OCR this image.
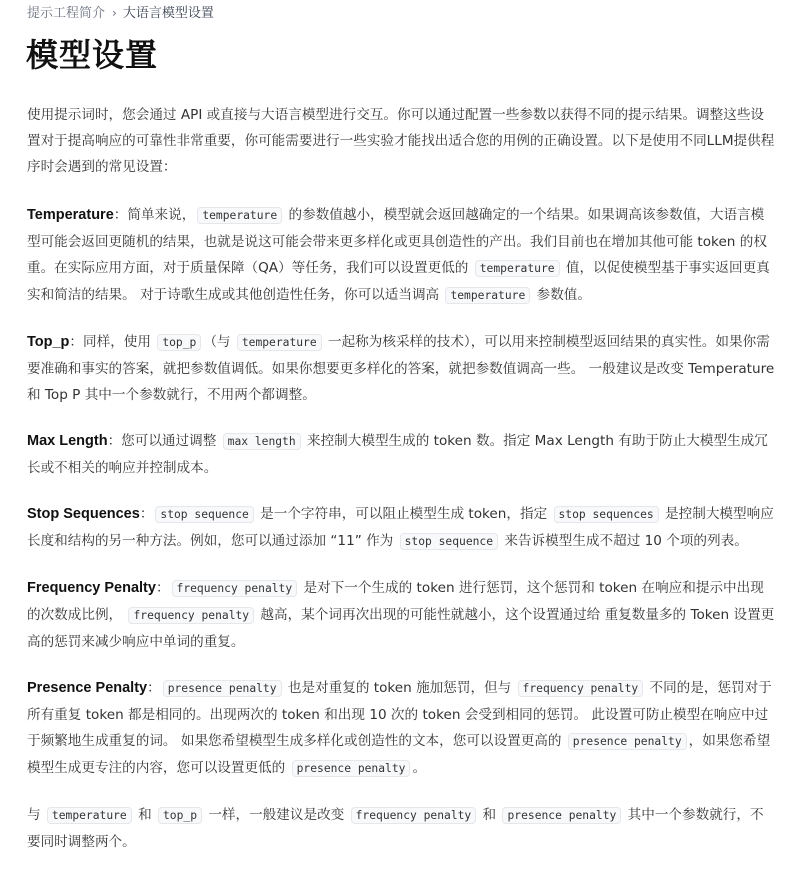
提示工程简介 › 大语言模型设置
模型设置

使用提示词时，您会通过 API 或直接与大语言模型进行交互。你可以通过配置一些参数以获得不同的提示结果。调整这些设置对于提高响应的可靠性非常重要，你可能需要进行一些实验才能找出适合您的用例的正确设置。以下是使用不同LLM提供程序时会遇到的常见设置：

Temperature：简单来说， temperature 的参数值越小，模型就会返回越确定的一个结果。如果调高该参数值，大语言模型可能会返回更随机的结果，也就是说这可能会带来更多样化或更具创造性的产出。我们目前也在增加其他可能 token 的权重。在实际应用方面，对于质量保障（QA）等任务，我们可以设置更低的 temperature 值，以促使模型基于事实返回更真实和简洁的结果。 对于诗歌生成或其他创造性任务，你可以适当调高 temperature 参数值。

Top_p：同样，使用 top_p （与 temperature 一起称为核采样的技术），可以用来控制模型返回结果的真实性。如果你需要准确和事实的答案，就把参数值调低。如果你想要更多样化的答案，就把参数值调高一些。 一般建议是改变 Temperature 和 Top P 其中一个参数就行，不用两个都调整。

Max Length：您可以通过调整 max length 来控制大模型生成的 token 数。指定 Max Length 有助于防止大模型生成冗长或不相关的响应并控制成本。

Stop Sequences： stop sequence 是一个字符串，可以阻止模型生成 token，指定 stop sequences 是控制大模型响应长度和结构的另一种方法。例如，您可以通过添加 “11” 作为 stop sequence 来告诉模型生成不超过 10 个项的列表。

Frequency Penalty： frequency penalty 是对下一个生成的 token 进行惩罚，这个惩罚和 token 在响应和提示中出现的次数成比例， frequency penalty 越高，某个词再次出现的可能性就越小，这个设置通过给 重复数量多的 Token 设置更高的惩罚来减少响应中单词的重复。

Presence Penalty： presence penalty 也是对重复的 token 施加惩罚，但与 frequency penalty 不同的是，惩罚对于所有重复 token 都是相同的。出现两次的 token 和出现 10 次的 token 会受到相同的惩罚。 此设置可防止模型在响应中过于频繁地生成重复的词。 如果您希望模型生成多样化或创造性的文本，您可以设置更高的 presence penalty ，如果您希望模型生成更专注的内容，您可以设置更低的 presence penalty 。

与 temperature 和 top_p 一样，一般建议是改变 frequency penalty 和 presence penalty 其中一个参数就行，不要同时调整两个。
